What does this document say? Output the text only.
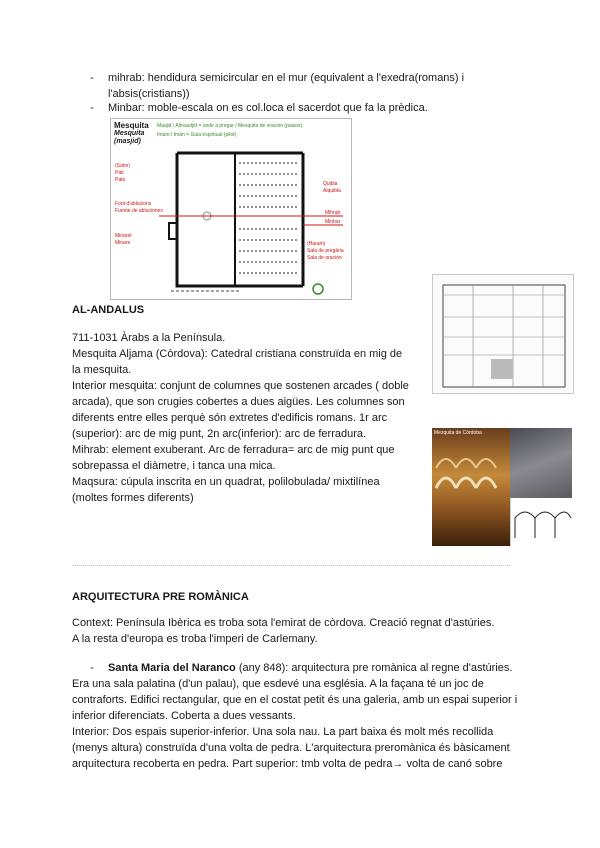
- mihrab: hendidura semicircular en el mur (equivalent a l'exedra(romans) i
l'absis(cristians))
- Minbar: moble-escala on es col.loca el sacerdot que fa la prèdica.
Mesquita
Mesquita
(masjid)
Masjid / Almasdjid = onde a pregar / Mesquita de oración (paisos)
Imam / Imàn = Guia espiritual (pilot)
(Sahn)
Pati
Pato
Font d'ablucions
Fuente de abluciones
Minaret
Minare
Quibla
Alquibla
Mihrab
Minbar
(Haram)
Sala de pregària
Sala de oración
Mezquita de Córdoba
AL-ANDALUS
711-1031 Àrabs a la Península.
Mesquita Aljama (Còrdova): Catedral cristiana construïda en mig de
la mesquita.
Interior mesquita: conjunt de columnes que sostenen arcades ( doble
arcada), que son crugies cobertes a dues aigües. Les columnes son
diferents entre elles perquè són extretes d'edificis romans. 1r arc
(superior): arc de mig punt, 2n arc(inferior): arc de ferradura.
Mihrab: element exuberant. Arc de ferradura= arc de mig punt que
sobrepassa el diàmetre, i tanca una mica.
Maqsura: cúpula inscrita en un quadrat, polilobulada/ mixtilínea
(moltes formes diferents)
ARQUITECTURA PRE ROMÀNICA
Context: Península Ibèrica es troba sota l'emirat de còrdova. Creació regnat d'astúries.
A la resta d'europa es troba l'imperi de Carlemany.
- Santa Maria del Naranco (any 848): arquitectura pre romànica al regne d'astúries.
Era una sala palatina (d'un palau), que esdevé una església. A la façana té un joc de
contraforts. Edifici rectangular, que en el costat petit és una galeria, amb un espai superior i
inferior diferenciats. Coberta a dues vessants.
Interior: Dos espais superior-inferior. Una sola nau. La part baixa és molt més recollida
(menys altura) construïda d'una volta de pedra. L'arquitectura preromànica és bàsicament
arquitectura recoberta en pedra. Part superior: tmb volta de pedra→ volta de canó sobre
